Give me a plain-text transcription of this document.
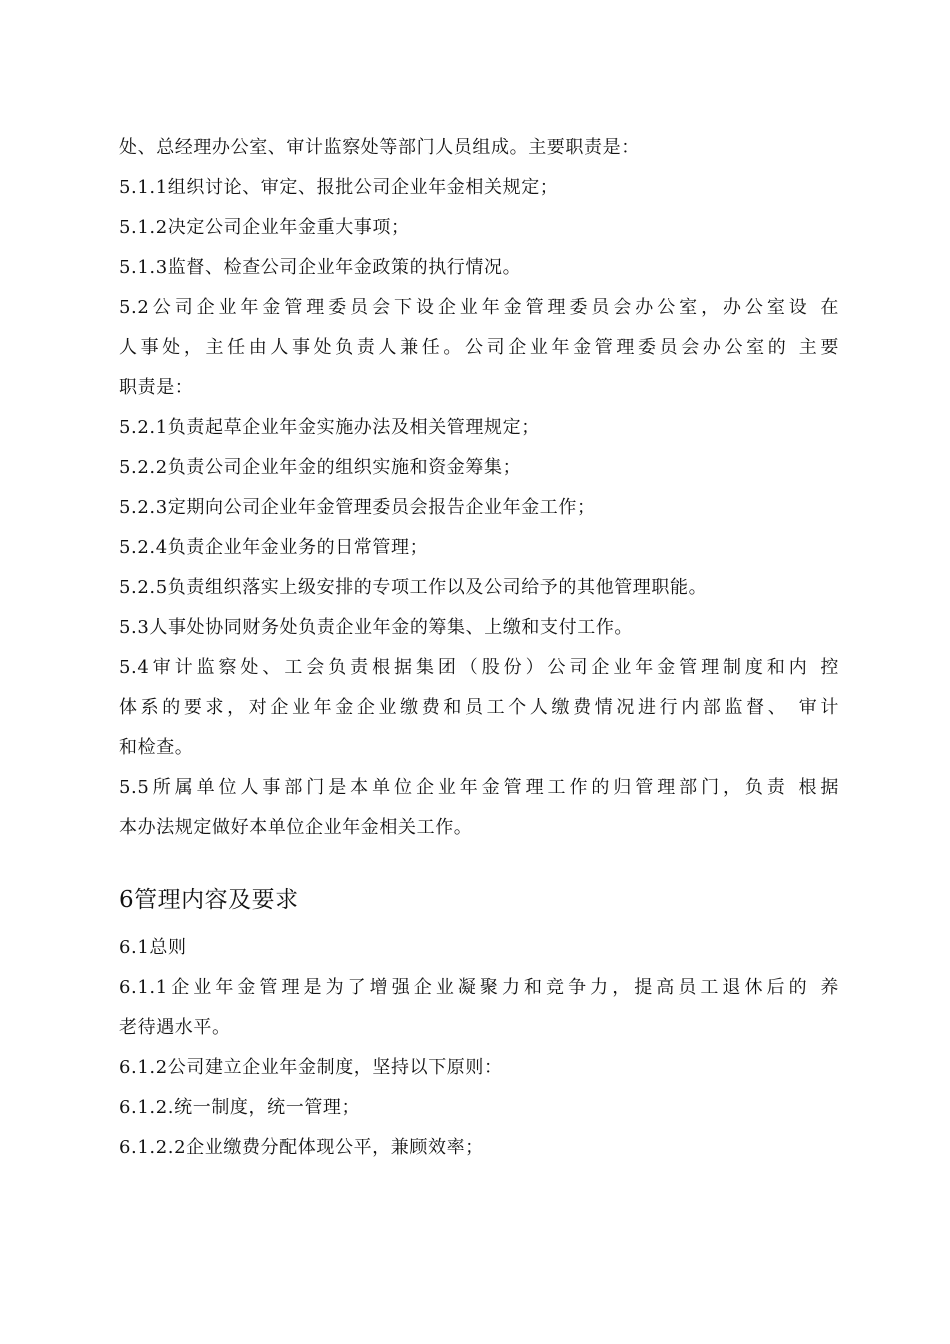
处、总经理办公室、审计监察处等部门人员组成。主要职责是：
5.1.1组织讨论、审定、报批公司企业年金相关规定；
5.1.2决定公司企业年金重大事项；
5.1.3监督、检查公司企业年金政策的执行情况。
5.2公司企业年金管理委员会下设企业年金管理委员会办公室，办公室设 在
人事处，主任由人事处负责人兼任。公司企业年金管理委员会办公室的 主要
职责是：
5.2.1负责起草企业年金实施办法及相关管理规定；
5.2.2负责公司企业年金的组织实施和资金筹集；
5.2.3定期向公司企业年金管理委员会报告企业年金工作；
5.2.4负责企业年金业务的日常管理；
5.2.5负责组织落实上级安排的专项工作以及公司给予的其他管理职能。
5.3人事处协同财务处负责企业年金的筹集、上缴和支付工作。
5.4审计监察处、工会负责根据集团（股份）公司企业年金管理制度和内 控
体系的要求，对企业年金企业缴费和员工个人缴费情况进行内部监督、 审计
和检查。
5.5所属单位人事部门是本单位企业年金管理工作的归管理部门，负责 根据
本办法规定做好本单位企业年金相关工作。
6管理内容及要求
6.1总则
6.1.1企业年金管理是为了增强企业凝聚力和竞争力，提高员工退休后的 养
老待遇水平。
6.1.2公司建立企业年金制度，坚持以下原则：
6.1.2.统一制度，统一管理；
6.1.2.2企业缴费分配体现公平，兼顾效率；
